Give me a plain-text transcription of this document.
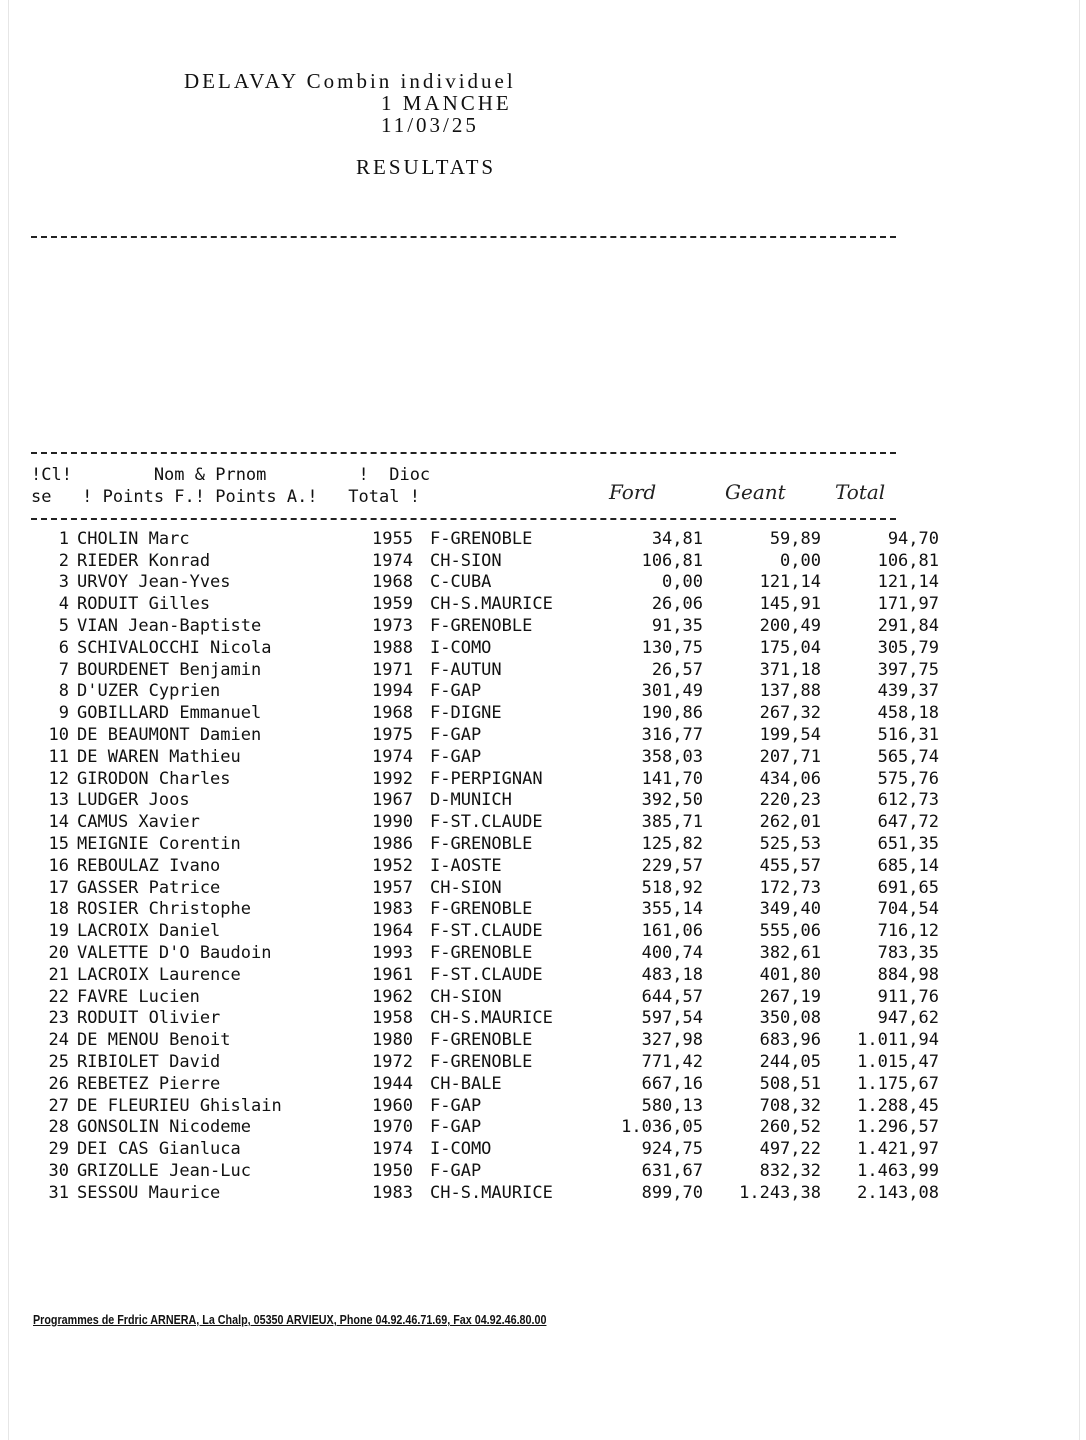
DELAVAY Combin individuel
1 MANCHE
11/03/25
RESULTATS
!Cl!        Nom & Prnom         !  Dioc
se   ! Points F.! Points A.!   Total !	Ford	Geant Total
1	CHOLIN Marc	1955	F-GRENOBLE	34,81	59,89	94,70
2	RIEDER Konrad	1974	CH-SION	106,81	0,00	106,81
3	URVOY Jean-Yves	1968	C-CUBA	0,00	121,14	121,14
4	RODUIT Gilles	1959	CH-S.MAURICE	26,06	145,91	171,97
5	VIAN Jean-Baptiste	1973	F-GRENOBLE	91,35	200,49	291,84
6	SCHIVALOCCHI Nicola	1988	I-COMO	130,75	175,04	305,79
7	BOURDENET Benjamin	1971	F-AUTUN	26,57	371,18	397,75
8	D'UZER Cyprien	1994	F-GAP	301,49	137,88	439,37
9	GOBILLARD Emmanuel	1968	F-DIGNE	190,86	267,32	458,18
10	DE BEAUMONT Damien	1975	F-GAP	316,77	199,54	516,31
11	DE WAREN Mathieu	1974	F-GAP	358,03	207,71	565,74
12	GIRODON Charles	1992	F-PERPIGNAN	141,70	434,06	575,76
13	LUDGER Joos	1967	D-MUNICH	392,50	220,23	612,73
14	CAMUS Xavier	1990	F-ST.CLAUDE	385,71	262,01	647,72
15	MEIGNIE Corentin	1986	F-GRENOBLE	125,82	525,53	651,35
16	REBOULAZ Ivano	1952	I-AOSTE	229,57	455,57	685,14
17	GASSER Patrice	1957	CH-SION	518,92	172,73	691,65
18	ROSIER Christophe	1983	F-GRENOBLE	355,14	349,40	704,54
19	LACROIX Daniel	1964	F-ST.CLAUDE	161,06	555,06	716,12
20	VALETTE D'O Baudoin	1993	F-GRENOBLE	400,74	382,61	783,35
21	LACROIX Laurence	1961	F-ST.CLAUDE	483,18	401,80	884,98
22	FAVRE Lucien	1962	CH-SION	644,57	267,19	911,76
23	RODUIT Olivier	1958	CH-S.MAURICE	597,54	350,08	947,62
24	DE MENOU Benoit	1980	F-GRENOBLE	327,98	683,96	1.011,94
25	RIBIOLET David	1972	F-GRENOBLE	771,42	244,05	1.015,47
26	REBETEZ Pierre	1944	CH-BALE	667,16	508,51	1.175,67
27	DE FLEURIEU Ghislain	1960	F-GAP	580,13	708,32	1.288,45
28	GONSOLIN Nicodeme	1970	F-GAP	1.036,05	260,52	1.296,57
29	DEI CAS Gianluca	1974	I-COMO	924,75	497,22	1.421,97
30	GRIZOLLE Jean-Luc	1950	F-GAP	631,67	832,32	1.463,99
31	SESSOU Maurice	1983	CH-S.MAURICE	899,70	1.243,38	2.143,08
Programmes de Frdric ARNERA, La Chalp, 05350 ARVIEUX, Phone 04.92.46.71.69, Fax 04.92.46.80.00
